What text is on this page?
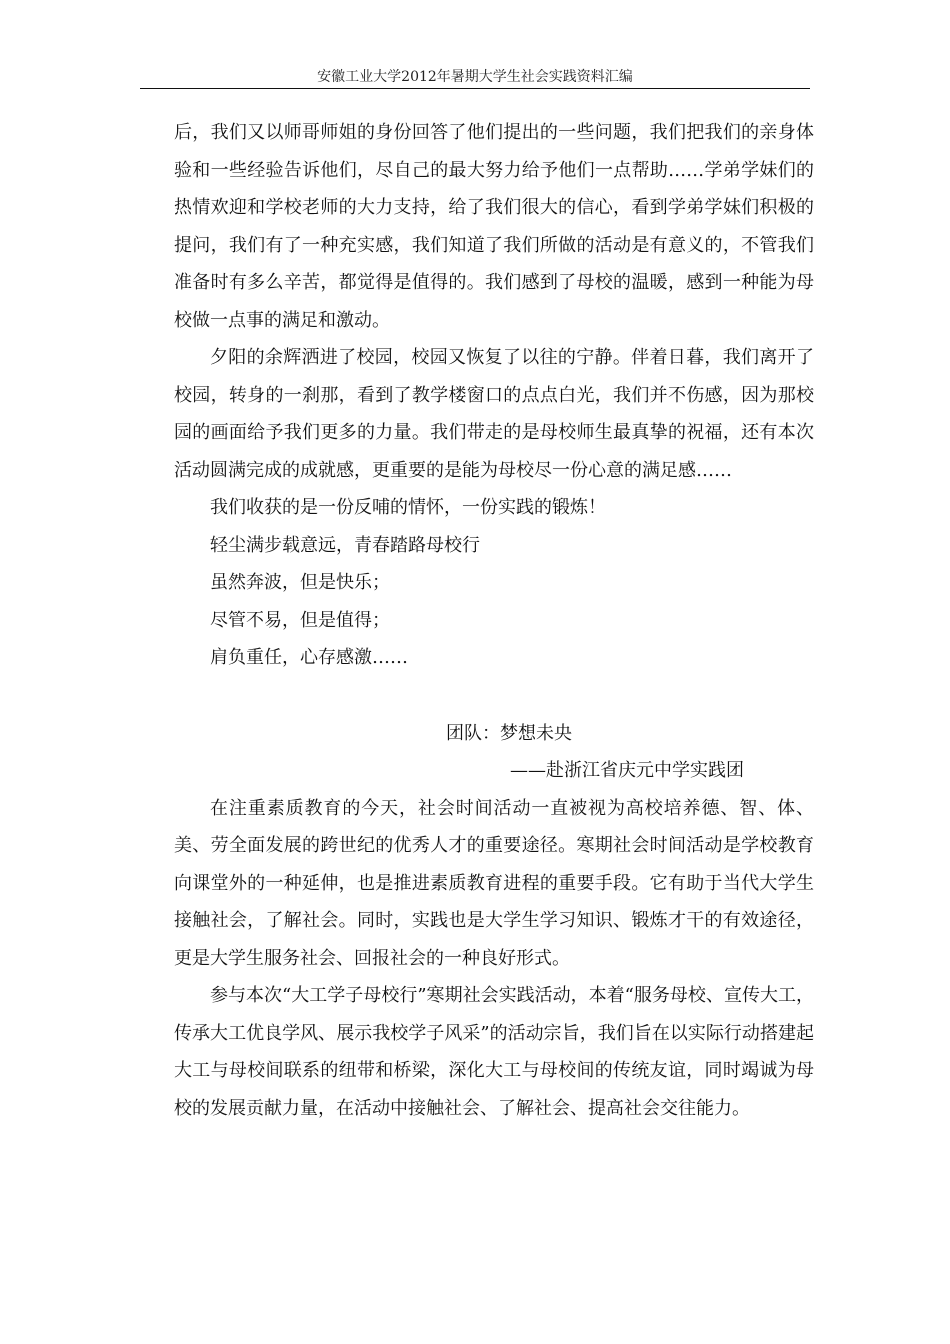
安徽工业大学2012年暑期大学生社会实践资料汇编

后，我们又以师哥师姐的身份回答了他们提出的一些问题，我们把我们的亲身体验和一些经验告诉他们，尽自己的最大努力给予他们一点帮助……学弟学妹们的热情欢迎和学校老师的大力支持，给了我们很大的信心，看到学弟学妹们积极的提问，我们有了一种充实感，我们知道了我们所做的活动是有意义的，不管我们准备时有多么辛苦，都觉得是值得的。我们感到了母校的温暖，感到一种能为母校做一点事的满足和激动。

夕阳的余辉洒进了校园，校园又恢复了以往的宁静。伴着日暮，我们离开了校园，转身的一刹那，看到了教学楼窗口的点点白光，我们并不伤感，因为那校园的画面给予我们更多的力量。我们带走的是母校师生最真挚的祝福，还有本次活动圆满完成的成就感，更重要的是能为母校尽一份心意的满足感……

我们收获的是一份反哺的情怀，一份实践的锻炼！

轻尘满步载意远，青春踏路母校行

虽然奔波，但是快乐；

尽管不易，但是值得；

肩负重任，心存感激……

团队：梦想未央

——赴浙江省庆元中学实践团

在注重素质教育的今天，社会时间活动一直被视为高校培养德、智、体、美、劳全面发展的跨世纪的优秀人才的重要途径。寒期社会时间活动是学校教育向课堂外的一种延伸，也是推进素质教育进程的重要手段。它有助于当代大学生接触社会，了解社会。同时，实践也是大学生学习知识、锻炼才干的有效途径，更是大学生服务社会、回报社会的一种良好形式。

参与本次“大工学子母校行”寒期社会实践活动，本着“服务母校、宣传大工，传承大工优良学风、展示我校学子风采”的活动宗旨，我们旨在以实际行动搭建起大工与母校间联系的纽带和桥梁，深化大工与母校间的传统友谊，同时竭诚为母校的发展贡献力量，在活动中接触社会、了解社会、提高社会交往能力。
